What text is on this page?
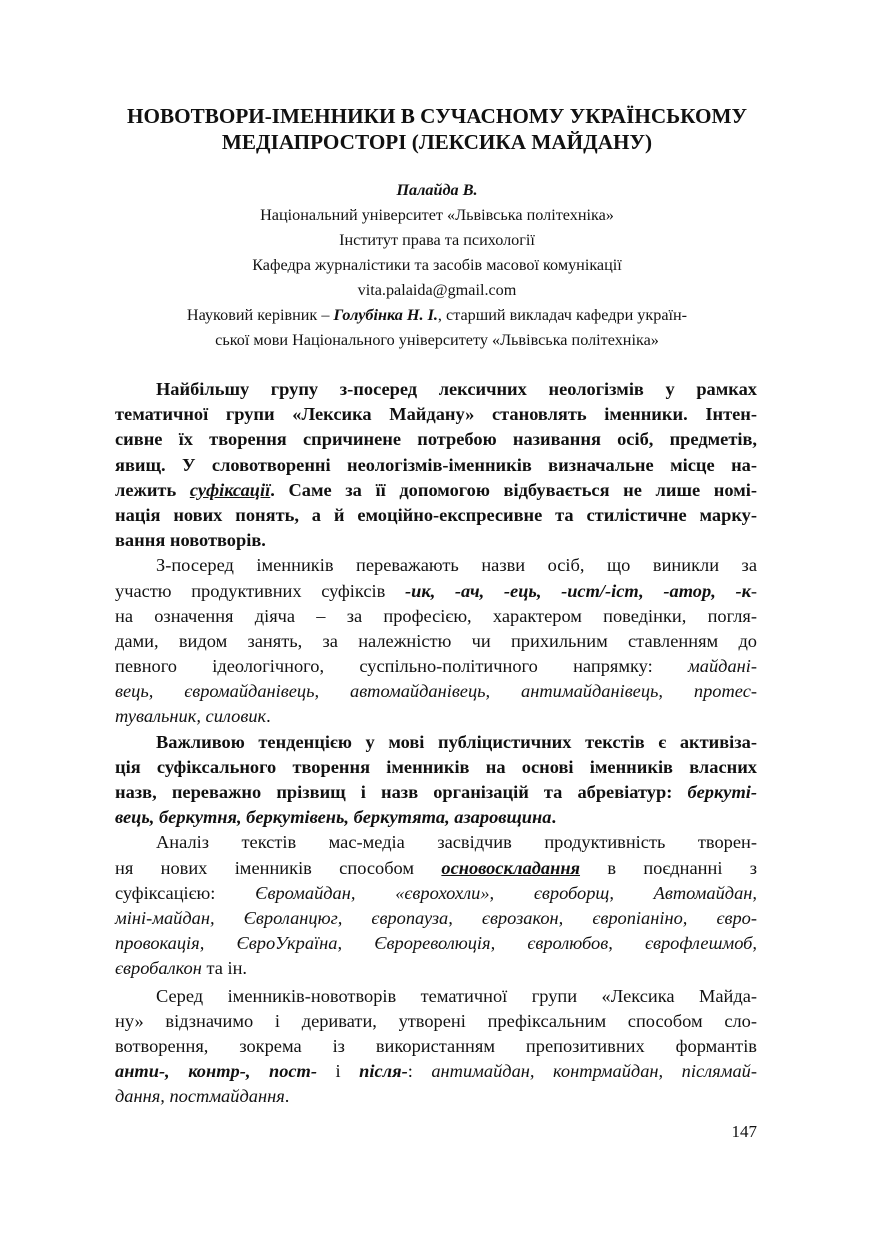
НОВОТВОРИ-ІМЕННИКИ В СУЧАСНОМУ УКРАЇНСЬКОМУ
МЕДІАПРОСТОРІ (ЛЕКСИКА МАЙДАНУ)
Палайда В.
Національний університет «Львівська політехніка»
Інститут права та психології
Кафедра журналістики та засобів масової комунікації
vita.palaida@gmail.com
Науковий керівник – Голубінка Н. І., старший викладач кафедри україн-
ської мови Національного університету «Львівська політехніка»
Найбільшу групу з-посеред лексичних неологізмів у рамках
тематичної групи «Лексика Майдану» становлять іменники. Інтен-
сивне їх творення спричинене потребою називання осіб, предметів,
явищ. У словотворенні неологізмів-іменників визначальне місце на-
лежить суфіксації. Саме за її допомогою відбувається не лише номі-
нація нових понять, а й емоційно-експресивне та стилістичне марку-
вання новотворів.
З-посеред іменників переважають назви осіб, що виникли за
участю продуктивних суфіксів -ик, -ач, -ець, -ист/-іст, -атор, -к-
на означення діяча – за професією, характером поведінки, погля-
дами, видом занять, за належністю чи прихильним ставленням до
певного ідеологічного, суспільно-політичного напрямку: майдані-
вець, євромайданівець, автомайданівець, антимайданівець, протес-
тувальник, силовик.
Важливою тенденцією у мові публіцистичних текстів є активіза-
ція суфіксального творення іменників на основі іменників власних
назв, переважно прізвищ і назв організацій та абревіатур: беркуті-
вець, беркутня, беркутівень, беркутята, азаровщина.
Аналіз текстів мас-медіа засвідчив продуктивність творен-
ня нових іменників способом основоскладання в поєднанні з
суфіксацією: Євромайдан, «єврохохли», євроборщ, Автомайдан,
міні-майдан, Євроланцюг, європауза, єврозакон, європіаніно, євро-
провокація, ЄвроУкраїна, Єврореволюція, євролюбов, єврофлешмоб,
євробалкон та ін.
Серед іменників-новотворів тематичної групи «Лексика Майда-
ну» відзначимо і деривати, утворені префіксальним способом сло-
вотворення, зокрема із використанням препозитивних формантів
анти-, контр-, пост- і після-: антимайдан, контрмайдан, післямай-
дання, постмайдання.
147
